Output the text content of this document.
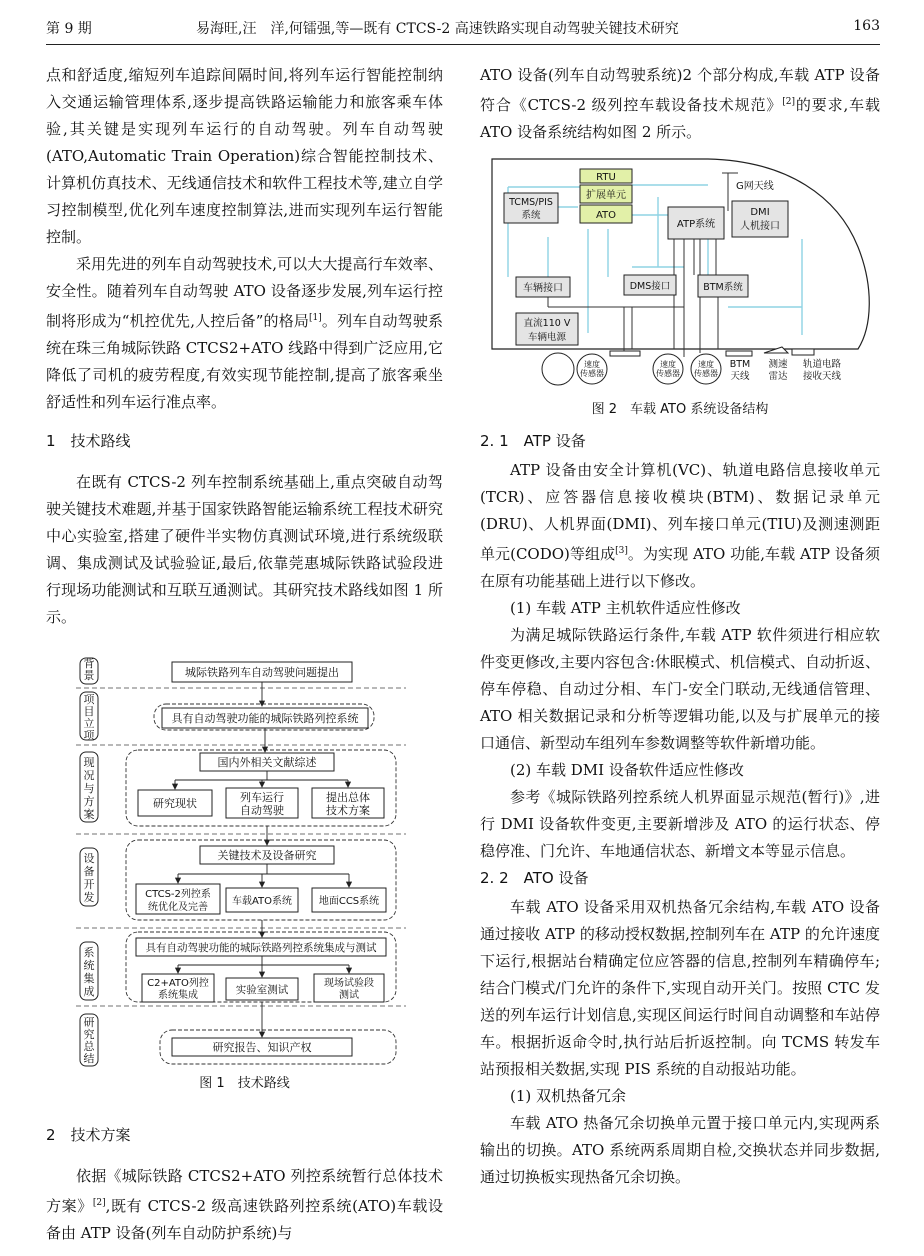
第 9 期	易海旺,汪　洋,何镭强,等—既有 CTCS-2 高速铁路实现自动驾驶关键技术研究	163

点和舒适度,缩短列车追踪间隔时间,将列车运行智能控制纳入交通运输管理体系,逐步提高铁路运输能力和旅客乘车体验,其关键是实现列车运行的自动驾驶。列车自动驾驶(ATO,Automatic Train Operation)综合智能控制技术、计算机仿真技术、无线通信技术和软件工程技术等,建立自学习控制模型,优化列车速度控制算法,进而实现列车运行智能控制。

采用先进的列车自动驾驶技术,可以大大提高行车效率、安全性。随着列车自动驾驶 ATO 设备逐步发展,列车运行控制将形成为“机控优先,人控后备”的格局[1]。列车自动驾驶系统在珠三角城际铁路 CTCS2+ATO 线路中得到广泛应用,它降低了司机的疲劳程度,有效实现节能控制,提高了旅客乘坐舒适性和列车运行准点率。

1　技术路线

在既有 CTCS-2 列车控制系统基础上,重点突破自动驾驶关键技术难题,并基于国家铁路智能运输系统工程技术研究中心实验室,搭建了硬件半实物仿真测试环境,进行系统级联调、集成测试及试验验证,最后,依靠莞惠城际铁路试验段进行现场功能测试和互联互通测试。其研究技术路线如图 1 所示。

背景
项目立项
现况与方案
设备开发
系统集成
研究总结
城际铁路列车自动驾驶问题提出
具有自动驾驶功能的城际铁路列控系统
国内外相关文献综述
研究现状	列车运行
自动驾驶
提出总体
技术方案
关键技术及设备研究
CTCS-2列控系
统优化及完善
车载ATO系统	地面CCS系统
具有自动驾驶功能的城际铁路列控系统集成与测试
C2+ATO列控
系统集成	实验室测试
现场试验段
测试
研究报告、知识产权
图 1　技术路线

2　技术方案

依据《城际铁路 CTCS2+ATO 列控系统暂行总体技术方案》[2],既有 CTCS-2 级高速铁路列控系统(ATO)车载设备由 ATP 设备(列车自动防护系统)与

ATO 设备(列车自动驾驶系统)2 个部分构成,车载 ATP 设备符合《CTCS-2 级列控车载设备技术规范》[2]的要求,车载 ATO 设备系统结构如图 2 所示。

RTU
扩展单元
ATO
TCMS/PIS
系统
G网天线
ATP系统
DMI
人机接口
车辆接口	DMS接口	BTM系统
直流110 V
车辆电源
速度
传感器
速度
传感器
速度
传感器
BTM
天线
测速
雷达
轨道电路
接收天线
图 2　车载 ATO 系统设备结构

2. 1　ATP 设备

ATP 设备由安全计算机(VC)、轨道电路信息接收单元(TCR)、应答器信息接收模块(BTM)、数据记录单元(DRU)、人机界面(DMI)、列车接口单元(TIU)及测速测距单元(CODO)等组成[3]。为实现 ATO 功能,车载 ATP 设备须在原有功能基础上进行以下修改。

(1) 车载 ATP 主机软件适应性修改

为满足城际铁路运行条件,车载 ATP 软件须进行相应软件变更修改,主要内容包含:休眠模式、机信模式、自动折返、停车停稳、自动过分相、车门-安全门联动,无线通信管理、ATO 相关数据记录和分析等逻辑功能,以及与扩展单元的接口通信、新型动车组列车参数调整等软件新增功能。

(2) 车载 DMI 设备软件适应性修改

参考《城际铁路列控系统人机界面显示规范(暂行)》,进行 DMI 设备软件变更,主要新增涉及 ATO 的运行状态、停稳停准、门允许、车地通信状态、新增文本等显示信息。

2. 2　ATO 设备

车载 ATO 设备采用双机热备冗余结构,车载 ATO 设备通过接收 ATP 的移动授权数据,控制列车在 ATP 的允许速度下运行,根据站台精确定位应答器的信息,控制列车精确停车;结合门模式/门允许的条件下,实现自动开关门。按照 CTC 发送的列车运行计划信息,实现区间运行时间自动调整和车站停车。根据折返命令时,执行站后折返控制。向 TCMS 转发车站预报相关数据,实现 PIS 系统的自动报站功能。

(1) 双机热备冗余

车载 ATO 热备冗余切换单元置于接口单元内,实现两系输出的切换。ATO 系统两系周期自检,交换状态并同步数据,通过切换板实现热备冗余切换。
